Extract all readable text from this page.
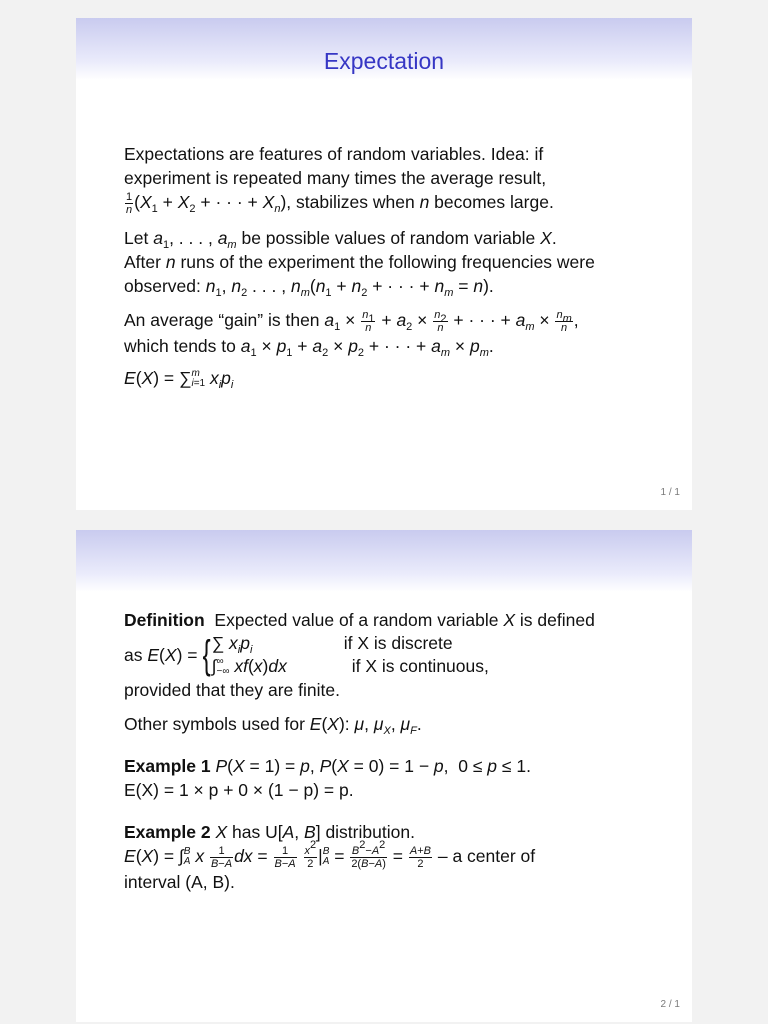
Expectation
Expectations are features of random variables. Idea: if
experiment is repeated many times the average result,
$\frac{1}{n} (X_1 + X_2$ + · · · + $X_n$), stabilizes when n becomes large.
Let $a_1$, . . . , $a_m$ be possible values of random variable X.
After n runs of the experiment the following frequencies were
observed: $n_1$, $n_2$ . . . , $n_m(n_1 + n_2$ + · · · + $n_m = n$).
An average “gain” is then $a_1 \times \frac{n_1}{n} + a_2 \times \frac{n_2}{n}$ + · · · + $a_m \times \frac{n_m}{n}$ ,
which tends to $a_1 \times p_1 + a_2 \times p_2$ + · · · + $a_m \times p_m$.
E(X) = ∑ m
i=1 $x_ip_i$
1 / 1
Definition Expected value of a random variable X is defined
as
E ( X ) = { ∑ $x_ip_i$	if X is discrete
∫ ∞
−∞ xf(x)dx	if X is continuous,
provided that they are finite.
Other symbols used for E(X): μ, $\mu_X$, $\mu_F$.
Example 1 P(X = 1) = p, P(X = 0) = 1 − p,  0 ≤ p ≤ 1.
E(X) = 1 × p + 0 × (1 − p) = p.
Example 2 X has U[A, B] distribution.
E(X) = ∫ B
A x $\frac{1}{B-A}$ dx = $\frac{1}{B-A}$
$\frac{x^2}{2}$ | B
$A = \frac{B^2-A^2}{2(B-A)} = \frac{A+B}{2} - a$ center of
interval (A, B).
2 / 1
